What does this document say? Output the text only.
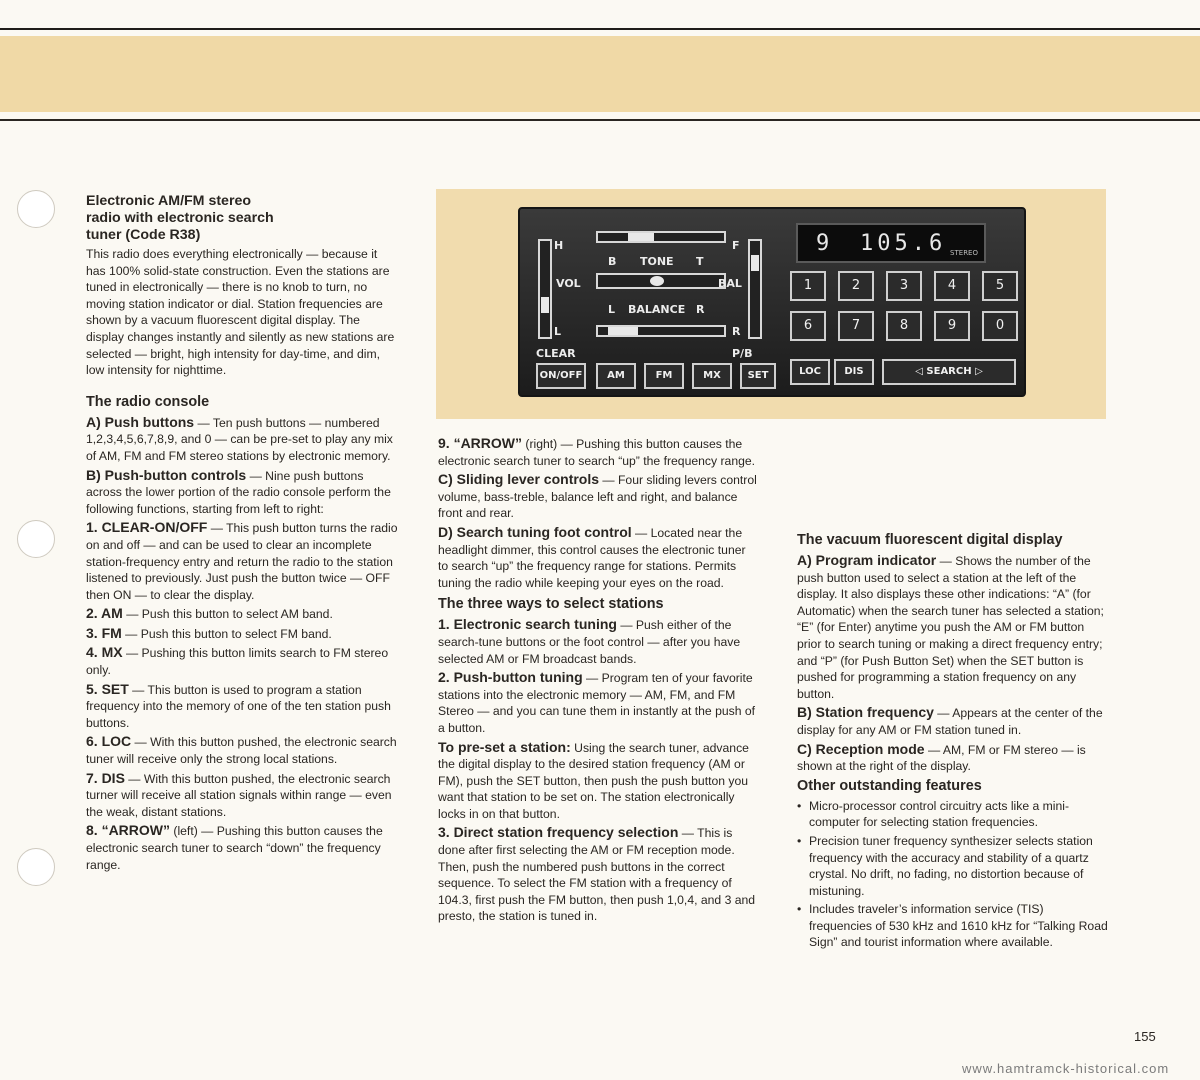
Electronic AM/FM stereo
radio with electronic search
tuner (Code R38)
This radio does everything electronically — because it has 100% solid-state construction. Even the stations are tuned in electronically — there is no knob to turn, no moving station indicator or dial. Station frequencies are shown by a vacuum fluorescent digital display. The display changes instantly and silently as new stations are selected — bright, high intensity for day-time, and dim, low intensity for nighttime.
The radio console
A) Push buttons — Ten push buttons — numbered 1,2,3,4,5,6,7,8,9, and 0 — can be pre-set to play any mix of AM, FM and FM stereo stations by electronic memory.
B) Push-button controls — Nine push buttons across the lower portion of the radio console perform the following functions, starting from left to right:
1. CLEAR-ON/OFF — This push button turns the radio on and off — and can be used to clear an incomplete station-frequency entry and return the radio to the station listened to previously. Just push the button twice — OFF then ON — to clear the display.
2. AM — Push this button to select AM band.
3. FM — Push this button to select FM band.
4. MX — Pushing this button limits search to FM stereo only.
5. SET — This button is used to program a station frequency into the memory of one of the ten station push buttons.
6. LOC — With this button pushed, the electronic search tuner will receive only the strong local stations.
7. DIS — With this button pushed, the electronic search turner will receive all station signals within range — even the weak, distant stations.
8. “ARROW” (left) — Pushing this button causes the electronic search tuner to search “down” the frequency range.
H	F
B TONE T
VOL	BAL
L BALANCE R
L	R
CLEAR	P/B
9 105.6 STEREO
1	2	3	4	5
6	7	8	9	0
ON/OFF	AM	FM	MX	SET	LOC	DIS	◁ SEARCH ▷
9. “ARROW” (right) — Pushing this button causes the electronic search tuner to search “up” the frequency range.
C) Sliding lever controls — Four sliding levers control volume, bass-treble, balance left and right, and balance front and rear.
D) Search tuning foot control — Located near the headlight dimmer, this control causes the electronic tuner to search “up” the frequency range for stations. Permits tuning the radio while keeping your eyes on the road.
The three ways to select stations
1. Electronic search tuning — Push either of the search-tune buttons or the foot control — after you have selected AM or FM broadcast bands.
2. Push-button tuning — Program ten of your favorite stations into the electronic memory — AM, FM, and FM Stereo — and you can tune them in instantly at the push of a button.
To pre-set a station: Using the search tuner, advance the digital display to the desired station frequency (AM or FM), push the SET button, then push the push button you want that station to be set on. The station electronically locks in on that button.
3. Direct station frequency selection — This is done after first selecting the AM or FM reception mode. Then, push the numbered push buttons in the correct sequence. To select the FM station with a frequency of 104.3, first push the FM button, then push 1,0,4, and 3 and presto, the station is tuned in.
The vacuum fluorescent digital display
A) Program indicator — Shows the number of the push button used to select a station at the left of the display. It also displays these other indications: “A” (for Automatic) when the search tuner has selected a station; “E” (for Enter) anytime you push the AM or FM button prior to search tuning or making a direct frequency entry; and “P” (for Push Button Set) when the SET button is pushed for programming a station frequency on any button.
B) Station frequency — Appears at the center of the display for any AM or FM station tuned in.
C) Reception mode — AM, FM or FM stereo — is shown at the right of the display.
Other outstanding features
• Micro-processor control circuitry acts like a mini-computer for selecting station frequencies.
• Precision tuner frequency synthesizer selects station frequency with the accuracy and stability of a quartz crystal. No drift, no fading, no distortion because of mistuning.
• Includes traveler’s information service (TIS) frequencies of 530 kHz and 1610 kHz for “Talking Road Sign” and tourist information where available.
155
www.hamtramck-historical.com
